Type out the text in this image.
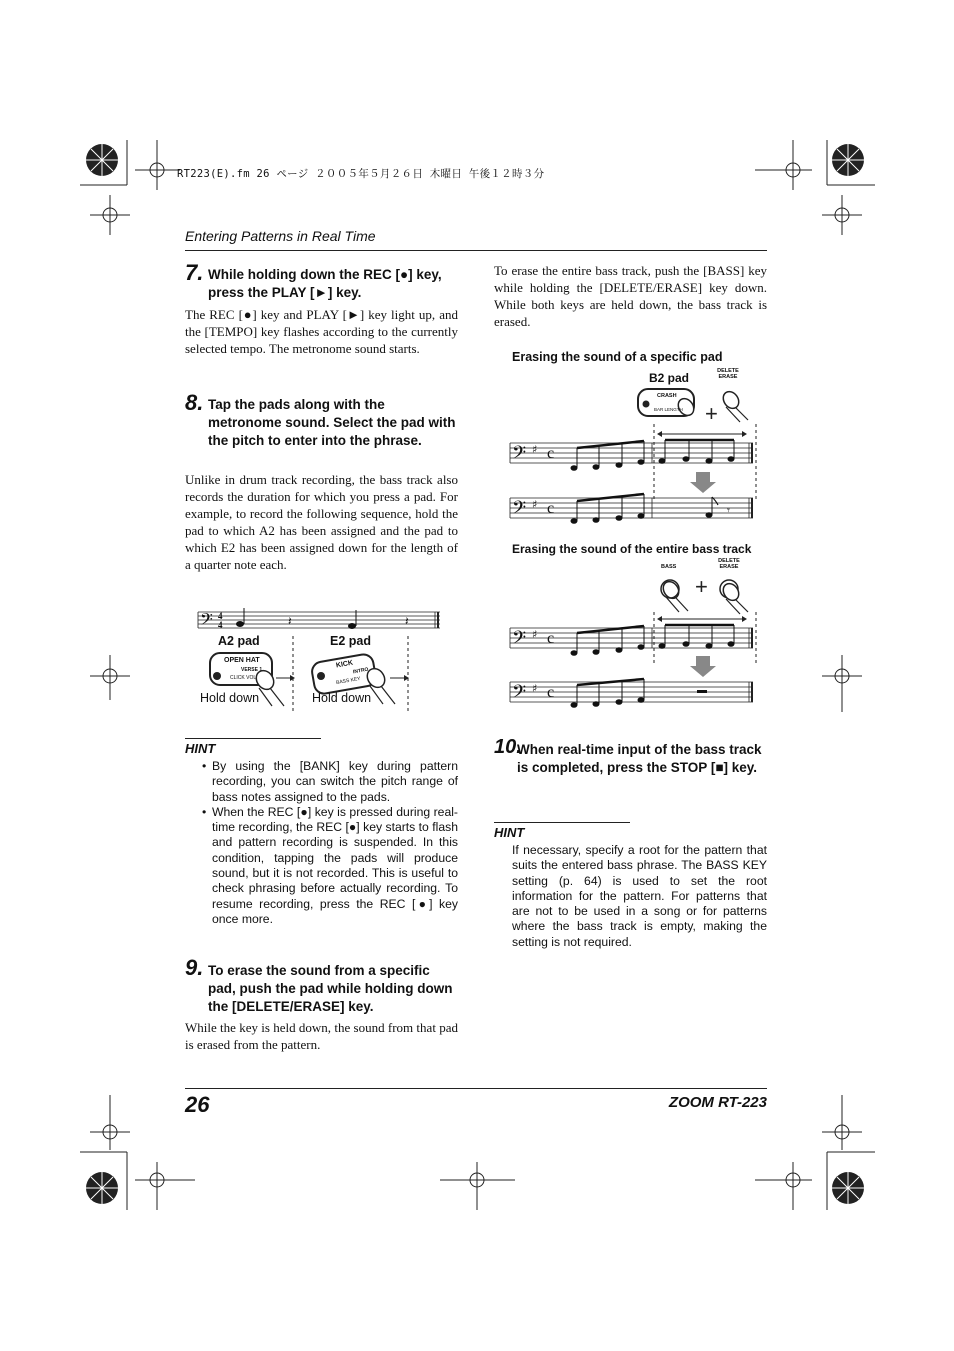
RT223(E).fm 26 ページ ２００５年５月２６日 木曜日 午後１２時３分
Entering Patterns in Real Time
7. While holding down the REC [●] key, press the PLAY [►] key.
The REC [●] key and PLAY [►] key light up, and the [TEMPO] key flashes according to the currently selected tempo. The metronome sound starts.
8. Tap the pads along with the metronome sound. Select the pad with the pitch to enter into the phrase.
Unlike in drum track recording, the bass track also records the duration for which you press a pad. For example, to record the following sequence, hold the pad to which A2 has been assigned and the pad to which E2 has been assigned down for the length of a quarter note each.
𝄢 4
4	𝄽	𝄽
A2 pad	E2 pad
OPEN HAT
VERSE 1
CLICK VOL
KICK
INTRO
BASS KEY
Hold down	Hold down
HINT
• By using the [BANK] key during pattern recording, you can switch the pitch range of bass notes assigned to the pads.
• When the REC [●] key is pressed during real-time recording, the REC [●] key starts to flash and pattern recording is suspended. In this condition, tapping the pads will produce sound, but it is not recorded. This is useful to check phrasing before actually recording. To resume recording, press the REC [●] key once more.
9. To erase the sound from a specific pad, push the pad while holding down the [DELETE/ERASE] key.
While the key is held down, the sound from that pad is erased from the pattern.
To erase the entire bass track, push the [BASS] key while holding the [DELETE/ERASE] key down. While both keys are held down, the bass track is erased.
Erasing the sound of a specific pad
B2 pad
+
𝄢 ♯ c
𝄢 ♯ c	𝄾
CRASH
BAR LENGTH
DELETE ERASE
Erasing the sound of the entire bass track
+
𝄢 ♯ c
𝄢 ♯ c
BASS
DELETE ERASE
10.
When real-time input of the bass track is completed, press the STOP [■] key.
HINT
If necessary, specify a root for the pattern that suits the entered bass phrase. The BASS KEY setting (p. 64) is used to set the root information for the pattern. For patterns that are not to be used in a song or for patterns where the bass track is empty, making the setting is not required.
26	ZOOM RT-223
